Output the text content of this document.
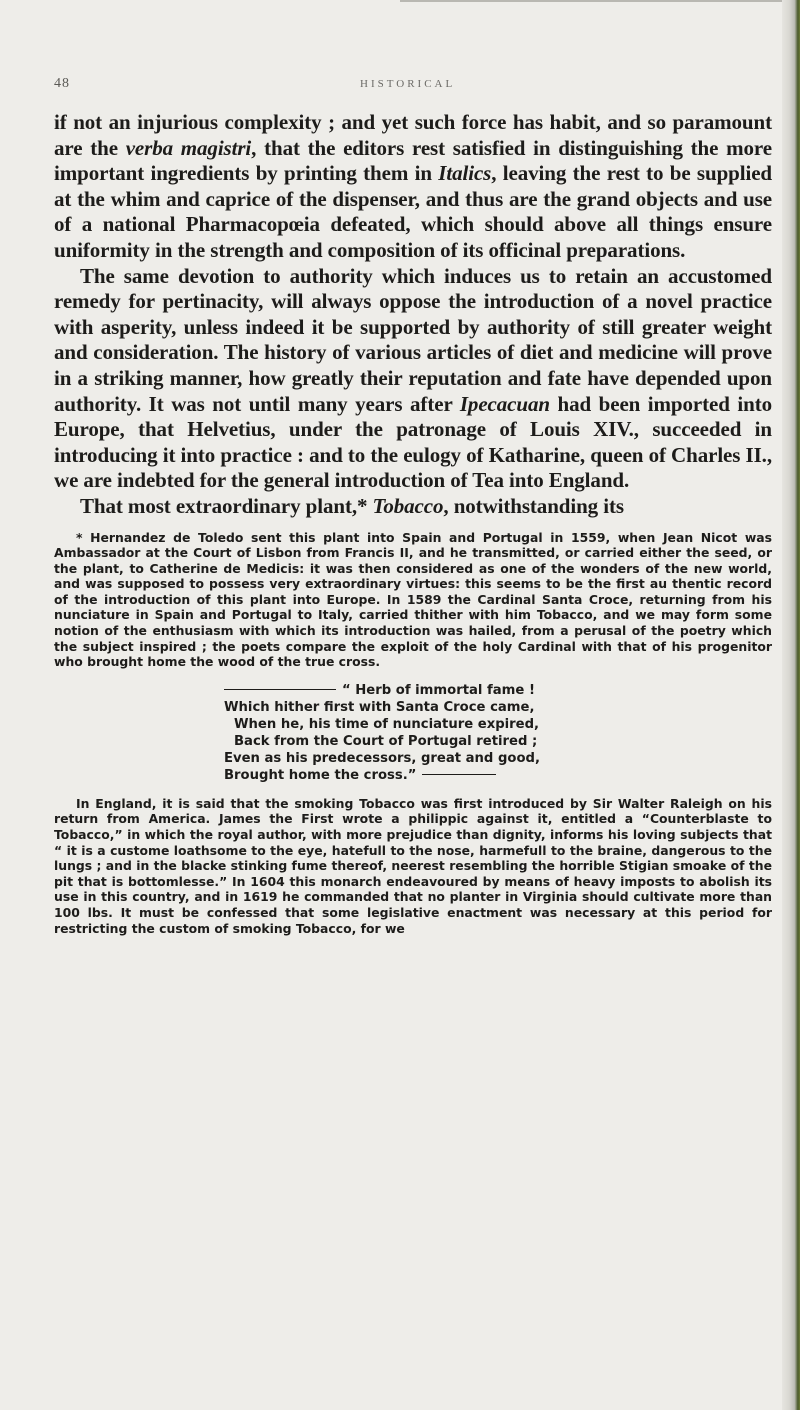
48	HISTORICAL

if not an injurious complexity ; and yet such force has habit, and so paramount are the verba magistri, that the editors rest satisfied in distinguishing the more important ingredients by printing them in Italics, leaving the rest to be supplied at the whim and caprice of the dispenser, and thus are the grand objects and use of a national Pharmacopœia defeated, which should above all things ensure uniformity in the strength and composition of its officinal preparations.

The same devotion to authority which induces us to retain an accustomed remedy for pertinacity, will always oppose the introduction of a novel practice with asperity, unless indeed it be supported by authority of still greater weight and consideration. The history of various articles of diet and medicine will prove in a striking manner, how greatly their reputation and fate have depended upon authority. It was not until many years after Ipecacuan had been imported into Europe, that Helvetius, under the patronage of Louis XIV., succeeded in introducing it into practice : and to the eulogy of Katharine, queen of Charles II., we are indebted for the general introduction of Tea into England.

That most extraordinary plant,* Tobacco, notwithstanding its

* Hernandez de Toledo sent this plant into Spain and Portugal in 1559, when Jean Nicot was Ambassador at the Court of Lisbon from Francis II, and he transmitted, or carried either the seed, or the plant, to Catherine de Medicis: it was then considered as one of the wonders of the new world, and was supposed to possess very extraordinary virtues: this seems to be the first au thentic record of the introduction of this plant into Europe. In 1589 the Cardinal Santa Croce, returning from his nunciature in Spain and Portugal to Italy, carried thither with him Tobacco, and we may form some notion of the enthusiasm with which its introduction was hailed, from a perusal of the poetry which the subject inspired ; the poets compare the exploit of the holy Cardinal with that of his progenitor who brought home the wood of the true cross.

“ Herb of immortal fame !
Which hither first with Santa Croce came,
When he, his time of nunciature expired,
Back from the Court of Portugal retired ;
Even as his predecessors, great and good,
Brought home the cross.”

In England, it is said that the smoking Tobacco was first introduced by Sir Walter Raleigh on his return from America. James the First wrote a philippic against it, entitled a “Counterblaste to Tobacco,” in which the royal author, with more prejudice than dignity, informs his loving subjects that “ it is a custome loathsome to the eye, hatefull to the nose, harmefull to the braine, dangerous to the lungs ; and in the blacke stinking fume thereof, neerest resembling the horrible Stigian smoake of the pit that is bottomlesse.” In 1604 this monarch endeavoured by means of heavy imposts to abolish its use in this country, and in 1619 he commanded that no planter in Virginia should cultivate more than 100 lbs. It must be confessed that some legislative enactment was necessary at this period for restricting the custom of smoking Tobacco, for we
